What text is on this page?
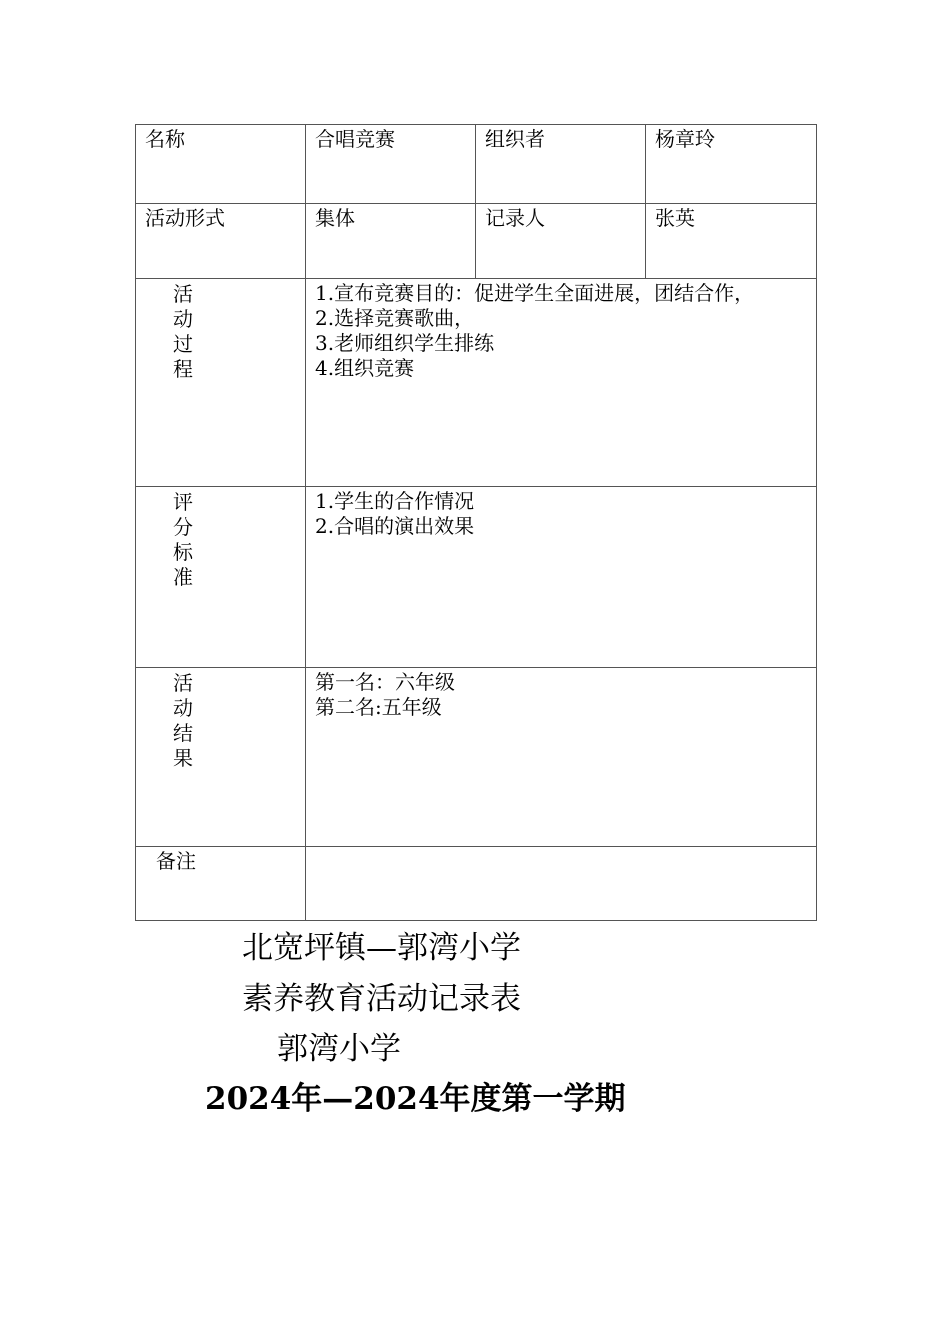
名称	合唱竞赛	组织者	杨章玲

活动形式	集体	记录人	张英

活
动
过
程	1.宣布竞赛目的：促进学生全面进展，团结合作，
2.选择竞赛歌曲，
3.老师组织学生排练
4.组织竞赛		

评
分
标
准	1.学生的合作情况
2.合唱的演出效果		

活
动
结
果	第一名：六年级
第二名:五年级		

备注			

北宽坪镇—郭湾小学
素养教育活动记录表
郭湾小学
2024年—2024年度第一学期
